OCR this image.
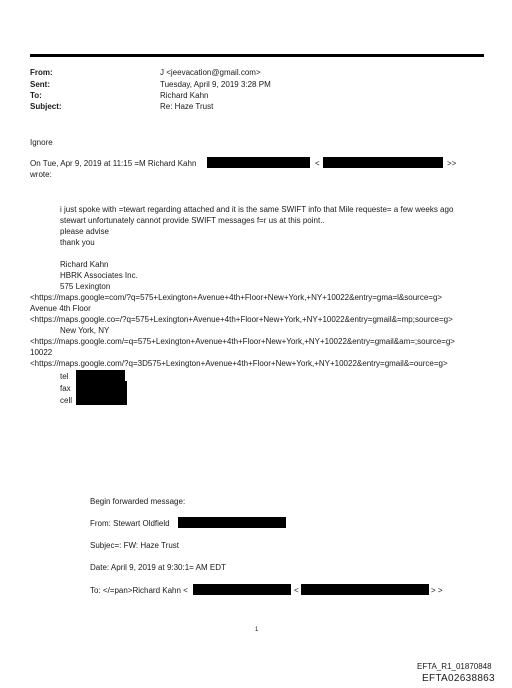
From:	J <jeevacation@gmail.com>
Sent:	Tuesday, April 9, 2019 3:28 PM
To:	Richard Kahn
Subject:	Re: Haze Trust
Ignore
On Tue, Apr 9, 2019 at 11:15 =M Richard Kahn	<	>>
wrote:
i just spoke with =tewart regarding attached and it is the same SWIFT info that Mile requeste= a few weeks ago
stewart unfortunately cannot provide SWIFT messages f=r us at this point..
please advise
thank you
Richard Kahn
HBRK Associates Inc.
575 Lexington
<https://maps.google=com/?q=575+Lexington+Avenue+4th+Floor+New+York,+NY+10022&entry=gma=l&source=g>
Avenue 4th Floor
<https://maps.google.co=/?q=575+Lexington+Avenue+4th+Floor+New+York,+NY+10022&entry=gmail&=mp;source=g>
New York, NY
<https://maps.google.com/=q=575+Lexington+Avenue+4th+Floor+New+York,+NY+10022&entry=gmail&am=;source=g>
10022
<https://maps.google.com/?q=3D575+Lexington+Avenue+4th+Floor+New+York,+NY+10022&entry=gmail&=ource=g>
tel
fax
cell
Begin forwarded message:
From: Stewart Oldfield
Subjec=: FW: Haze Trust
Date: April 9, 2019 at 9:30:1= AM EDT
To: </=pan>Richard Kahn <	<	> >
1
EFTA_R1_01870848
EFTA02638863
